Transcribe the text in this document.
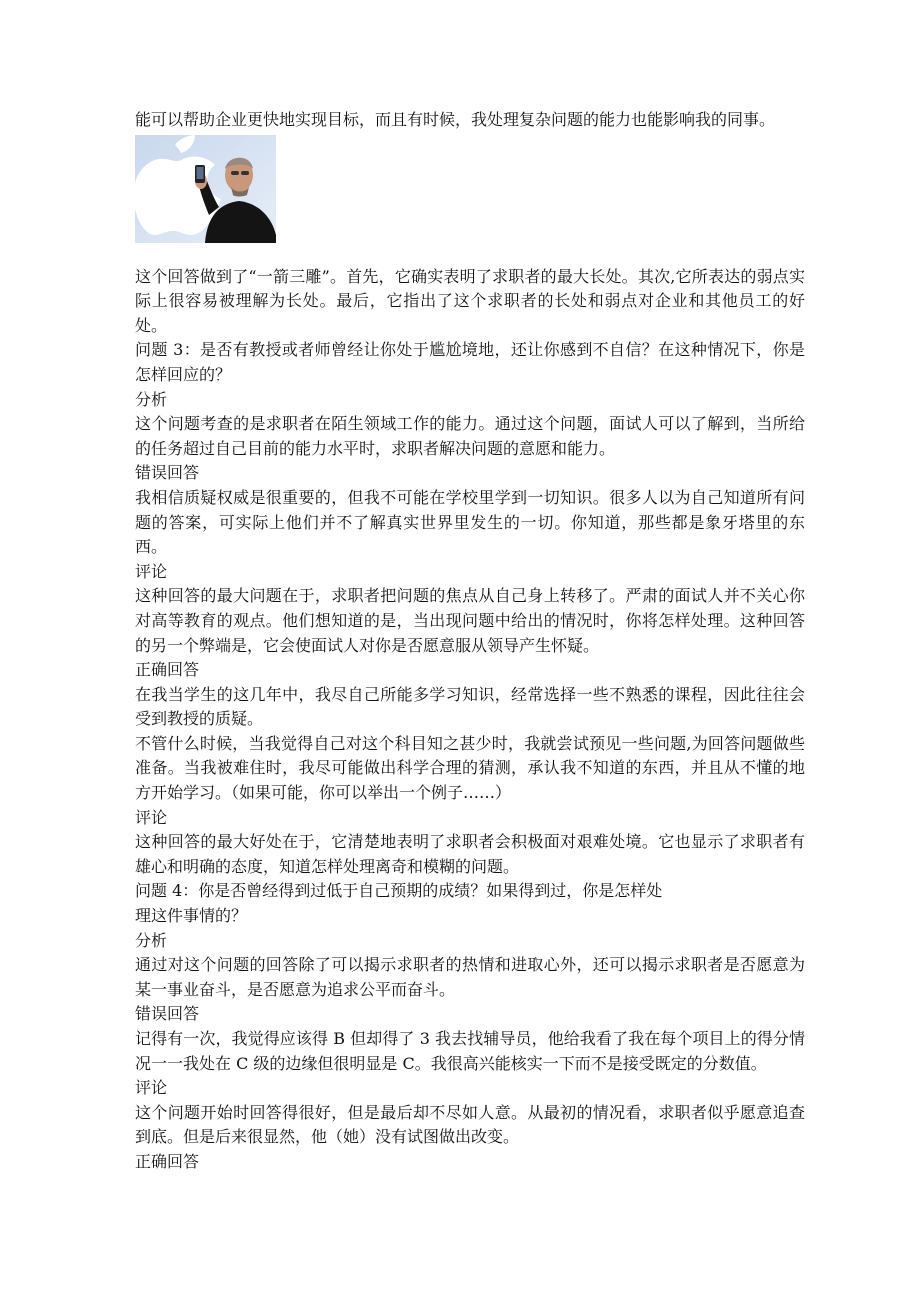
能可以帮助企业更快地实现目标，而且有时候，我处理复杂问题的能力也能影响我的同事。

这个回答做到了“一箭三雕”。首先，它确实表明了求职者的最大长处。其次,它所表达的弱点实际上很容易被理解为长处。最后，它指出了这个求职者的长处和弱点对企业和其他员工的好处。

问题 3：是否有教授或者师曾经让你处于尴尬境地，还让你感到不自信？在这种情况下，你是怎样回应的？

分析

这个问题考查的是求职者在陌生领域工作的能力。通过这个问题，面试人可以了解到，当所给的任务超过自己目前的能力水平时，求职者解决问题的意愿和能力。

错误回答

我相信质疑权威是很重要的，但我不可能在学校里学到一切知识。很多人以为自己知道所有问题的答案，可实际上他们并不了解真实世界里发生的一切。你知道，那些都是象牙塔里的东西。

评论

这种回答的最大问题在于，求职者把问题的焦点从自己身上转移了。严肃的面试人并不关心你对高等教育的观点。他们想知道的是，当出现问题中给出的情况时，你将怎样处理。这种回答的另一个弊端是，它会使面试人对你是否愿意服从领导产生怀疑。

正确回答

在我当学生的这几年中，我尽自己所能多学习知识，经常选择一些不熟悉的课程，因此往往会受到教授的质疑。

不管什么时候，当我觉得自己对这个科目知之甚少时，我就尝试预见一些问题,为回答问题做些准备。当我被难住时，我尽可能做出科学合理的猜测，承认我不知道的东西，并且从不懂的地方开始学习。（如果可能，你可以举出一个例子……）

评论

这种回答的最大好处在于，它清楚地表明了求职者会积极面对艰难处境。它也显示了求职者有雄心和明确的态度，知道怎样处理离奇和模糊的问题。

问题 4：你是否曾经得到过低于自己预期的成绩？如果得到过，你是怎样处

理这件事情的？

分析

通过对这个问题的回答除了可以揭示求职者的热情和进取心外，还可以揭示求职者是否愿意为某一事业奋斗，是否愿意为追求公平而奋斗。

错误回答

记得有一次，我觉得应该得 B 但却得了 3 我去找辅导员，他给我看了我在每个项目上的得分情况一一我处在 C 级的边缘但很明显是 C。我很高兴能核实一下而不是接受既定的分数值。

评论

这个问题开始时回答得很好，但是最后却不尽如人意。从最初的情况看，求职者似乎愿意追查到底。但是后来很显然，他（她）没有试图做出改变。

正确回答
